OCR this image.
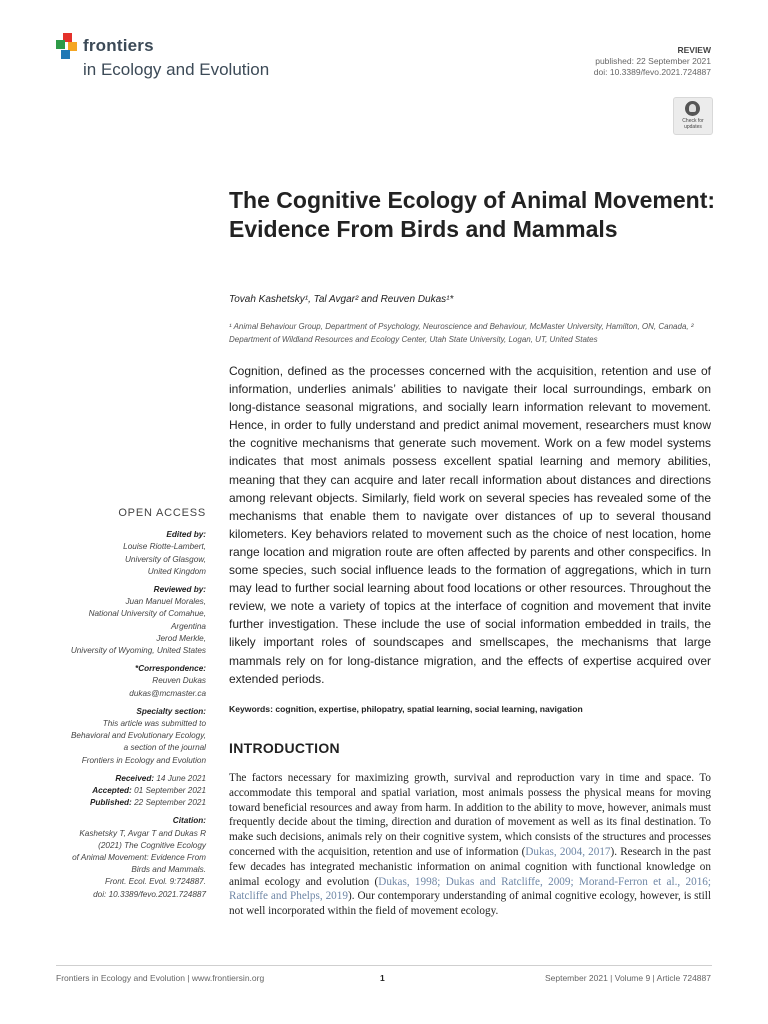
frontiers
in Ecology and Evolution
REVIEW
published: 22 September 2021
doi: 10.3389/fevo.2021.724887
Check for updates
The Cognitive Ecology of Animal Movement: Evidence From Birds and Mammals
Tovah Kashetsky¹, Tal Avgar² and Reuven Dukas¹*
¹ Animal Behaviour Group, Department of Psychology, Neuroscience and Behaviour, McMaster University, Hamilton, ON, Canada, ² Department of Wildland Resources and Ecology Center, Utah State University, Logan, UT, United States

Cognition, defined as the processes concerned with the acquisition, retention and use of information, underlies animals’ abilities to navigate their local surroundings, embark on long-distance seasonal migrations, and socially learn information relevant to movement. Hence, in order to fully understand and predict animal movement, researchers must know the cognitive mechanisms that generate such movement. Work on a few model systems indicates that most animals possess excellent spatial learning and memory abilities, meaning that they can acquire and later recall information about distances and directions among relevant objects. Similarly, field work on several species has revealed some of the mechanisms that enable them to navigate over distances of up to several thousand kilometers. Key behaviors related to movement such as the choice of nest location, home range location and migration route are often affected by parents and other conspecifics. In some species, such social influence leads to the formation of aggregations, which in turn may lead to further social learning about food locations or other resources. Throughout the review, we note a variety of topics at the interface of cognition and movement that invite further investigation. These include the use of social information embedded in trails, the likely important roles of soundscapes and smellscapes, the mechanisms that large mammals rely on for long-distance migration, and the effects of expertise acquired over extended periods.

Keywords: cognition, expertise, philopatry, spatial learning, social learning, navigation
OPEN ACCESS

Edited by:

Louise Riotte-Lambert,

University of Glasgow,

United Kingdom

Reviewed by:

Juan Manuel Morales,

National University of Comahue,

Argentina

Jerod Merkle,

University of Wyoming, United States

*Correspondence:

Reuven Dukas

dukas@mcmaster.ca

Specialty section:

This article was submitted to

Behavioral and Evolutionary Ecology,

a section of the journal

Frontiers in Ecology and Evolution

Received: 14 June 2021

Accepted: 01 September 2021

Published: 22 September 2021

Citation:

Kashetsky T, Avgar T and Dukas R

(2021) The Cognitive Ecology

of Animal Movement: Evidence From

Birds and Mammals.

Front. Ecol. Evol. 9:724887.

doi: 10.3389/fevo.2021.724887

INTRODUCTION

The factors necessary for maximizing growth, survival and reproduction vary in time and space. To accommodate this temporal and spatial variation, most animals possess the physical means for moving toward beneficial resources and away from harm. In addition to the ability to move, however, animals must frequently decide about the timing, direction and duration of movement as well as its final destination. To make such decisions, animals rely on their cognitive system, which consists of the structures and processes concerned with the acquisition, retention and use of information (Dukas, 2004, 2017). Research in the past few decades has integrated mechanistic information on animal cognition with functional knowledge on animal ecology and evolution (Dukas, 1998; Dukas and Ratcliffe, 2009; Morand-Ferron et al., 2016; Ratcliffe and Phelps, 2019). Our contemporary understanding of animal cognitive ecology, however, is still not well incorporated within the field of movement ecology.

Frontiers in Ecology and Evolution | www.frontiersin.org	1	September 2021 | Volume 9 | Article 724887
